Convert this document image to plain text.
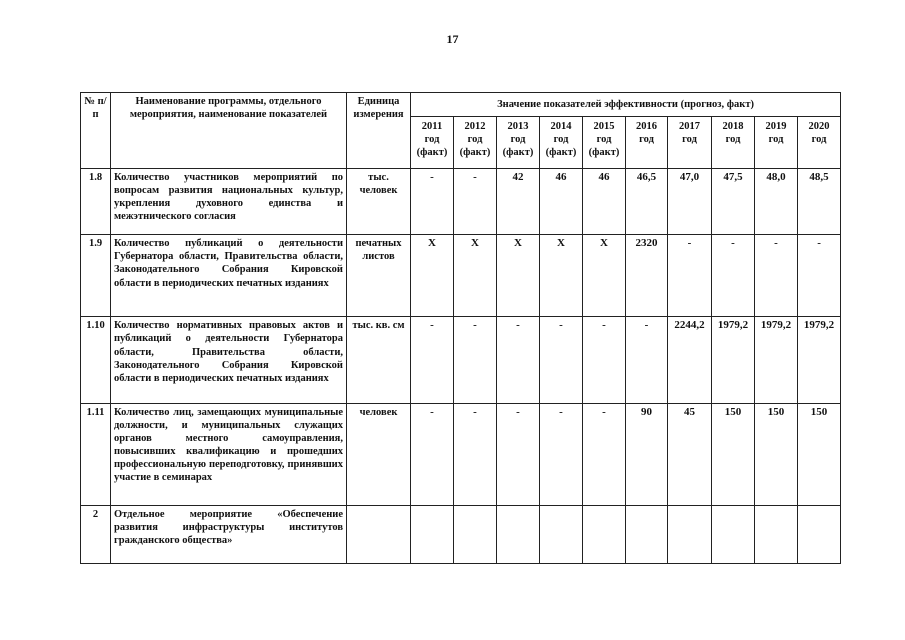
17
№ п/п	Наименование программы, отдельного мероприятия, наименование показателей	Единица измерения	Значение показателей эффективности (прогноз, факт)									
			2011
год
(факт)	2012
год
(факт)	2013
год
(факт)	2014
год
(факт)	2015
год
(факт)	2016
год	2017
год	2018
год	2019
год	2020
год

1.8	Количество участников мероприятий по вопросам развития национальных культур, укрепления духовного единства и межэтнического согласия	тыс. человек	-	-	42	46	46	46,5	47,0	47,5	48,0	48,5
1.9	Количество публикаций о деятельности Губернатора области, Правительства области, Законодательного Собрания Кировской области в периодических печатных изданиях	печатных листов	X	X	X	X	X	2320	-	-	-	-
1.10	Количество нормативных правовых актов и публикаций о деятельности Губернатора области, Правительства области, Законодательного Собрания Кировской области в периодических печатных изданиях	тыс. кв. см	-	-	-	-	-	-	2244,2	1979,2	1979,2	1979,2
1.11	Количество лиц, замещающих муниципальные должности, и муниципальных служащих органов местного самоуправления, повысивших квалификацию и прошедших профессиональную переподготовку, принявших участие в семинарах	человек	-	-	-	-	-	90	45	150	150	150
2	Отдельное мероприятие «Обеспечение развития инфраструктуры институтов гражданского общества»											
